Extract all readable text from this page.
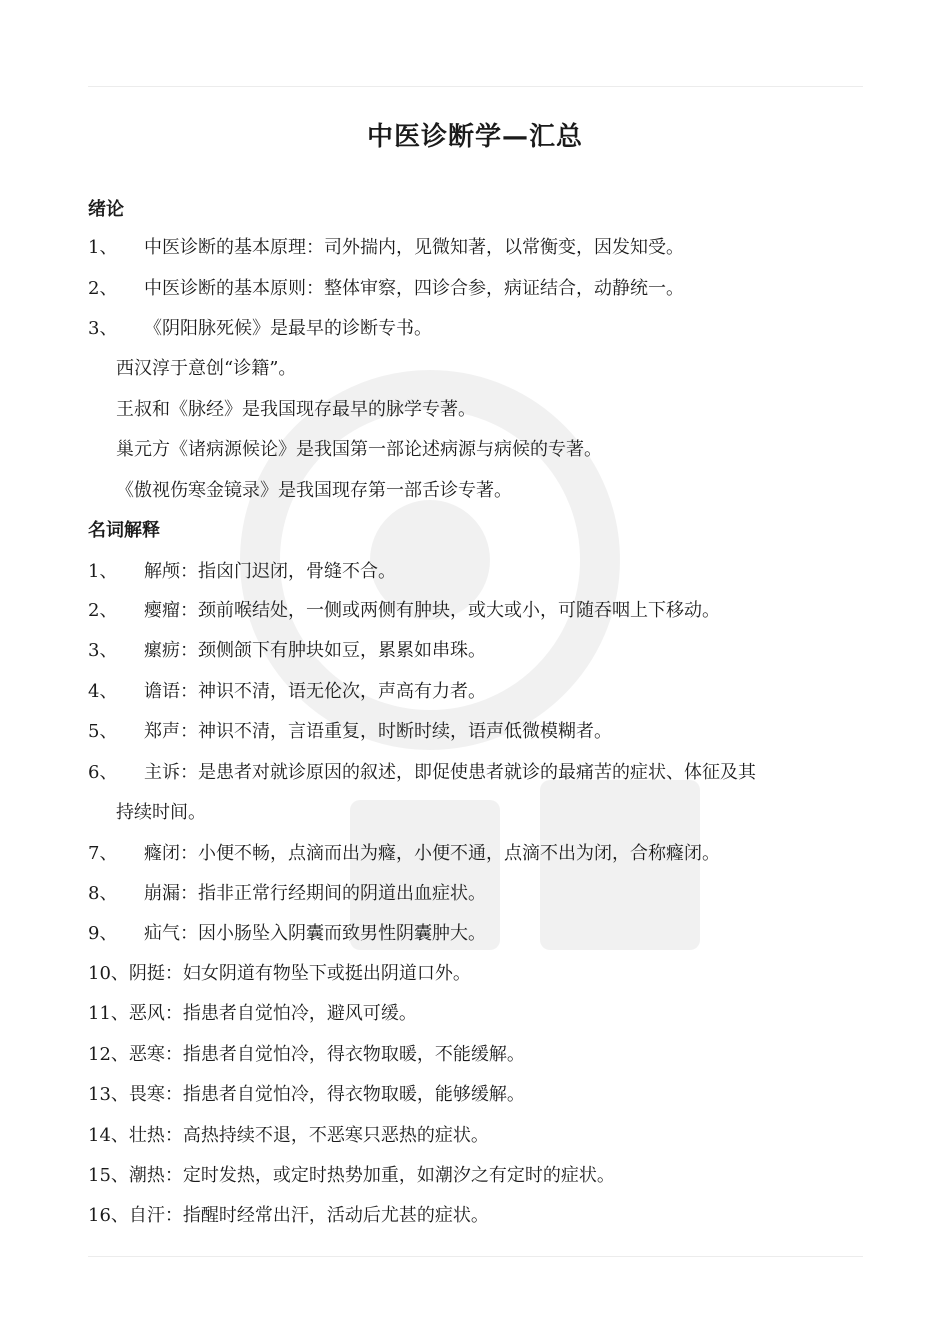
中医诊断学—汇总
绪论
1、 中医诊断的基本原理：司外揣内，见微知著，以常衡变，因发知受。
2、 中医诊断的基本原则：整体审察，四诊合参，病证结合，动静统一。
3、 《阴阳脉死候》是最早的诊断专书。
西汉淳于意创“诊籍”。
王叔和《脉经》是我国现存最早的脉学专著。
巢元方《诸病源候论》是我国第一部论述病源与病候的专著。
《傲视伤寒金镜录》是我国现存第一部舌诊专著。
名词解释
1、 解颅：指囟门迟闭，骨缝不合。
2、 瘿瘤：颈前喉结处，一侧或两侧有肿块，或大或小，可随吞咽上下移动。
3、 瘰疬：颈侧颌下有肿块如豆，累累如串珠。
4、 谵语：神识不清，语无伦次，声高有力者。
5、 郑声：神识不清，言语重复，时断时续，语声低微模糊者。
6、 主诉：是患者对就诊原因的叙述，即促使患者就诊的最痛苦的症状、体征及其
持续时间。
7、 癃闭：小便不畅，点滴而出为癃，小便不通，点滴不出为闭，合称癃闭。
8、 崩漏：指非正常行经期间的阴道出血症状。
9、 疝气：因小肠坠入阴囊而致男性阴囊肿大。
10、阴挺：妇女阴道有物坠下或挺出阴道口外。
11、恶风：指患者自觉怕冷，避风可缓。
12、恶寒：指患者自觉怕冷，得衣物取暖，不能缓解。
13、畏寒：指患者自觉怕冷，得衣物取暖，能够缓解。
14、壮热：高热持续不退，不恶寒只恶热的症状。
15、潮热：定时发热，或定时热势加重，如潮汐之有定时的症状。
16、自汗：指醒时经常出汗，活动后尤甚的症状。
